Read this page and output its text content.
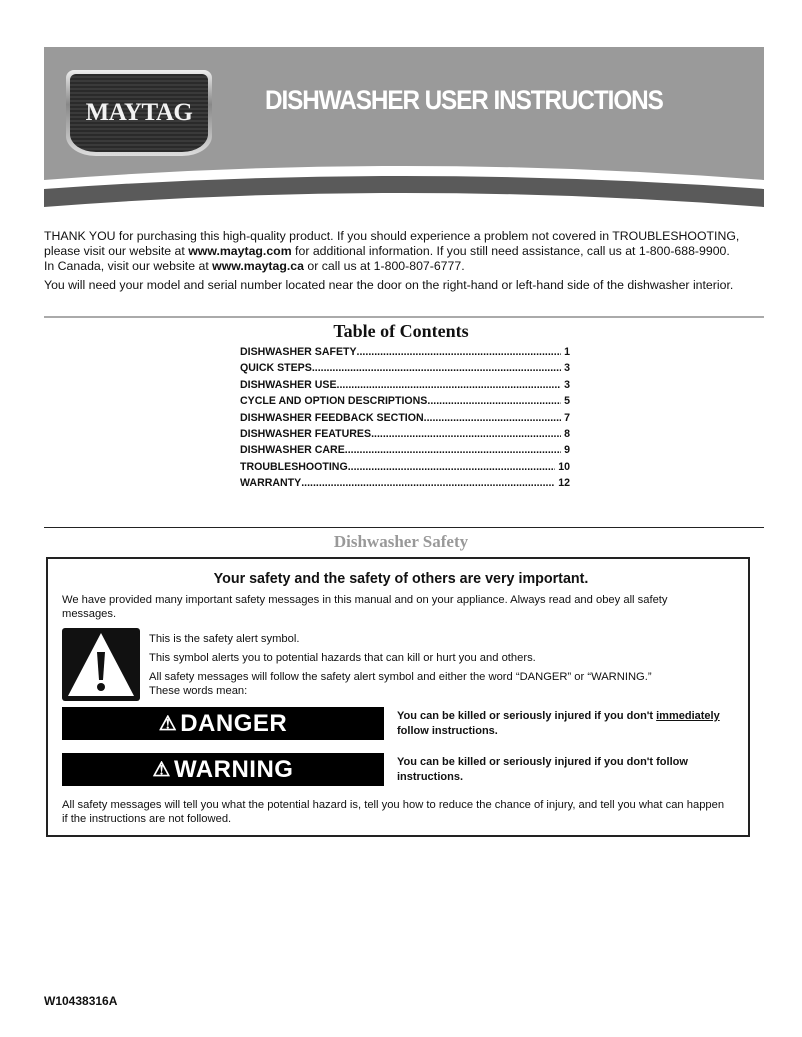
MAYTAG	DISHWASHER USER INSTRUCTIONS
THANK YOU for purchasing this high-quality product. If you should experience a problem not covered in TROUBLESHOOTING,
please visit our website at www.maytag.com for additional information. If you still need assistance, call us at 1-800-688-9900.
In Canada, visit our website at www.maytag.ca or call us at 1-800-807-6777.
You will need your model and serial number located near the door on the right-hand or left-hand side of the dishwasher interior.
Table of Contents
DISHWASHER SAFETY .....	1
QUICK STEPS .....	3
DISHWASHER USE .....	3
CYCLE AND OPTION DESCRIPTIONS .....	5
DISHWASHER FEEDBACK SECTION .....	7
DISHWASHER FEATURES .....	8
DISHWASHER CARE .....	9
TROUBLESHOOTING .....	10
WARRANTY .....	12
Dishwasher Safety
Your safety and the safety of others are very important.
We have provided many important safety messages in this manual and on your appliance. Always read and obey all safety messages.
This is the safety alert symbol.
This symbol alerts you to potential hazards that can kill or hurt you and others.
All safety messages will follow the safety alert symbol and either the word “DANGER” or “WARNING.”
These words mean:
⚠ DANGER	You can be killed or seriously injured if you don't immediately
follow instructions.
⚠ WARNING	You can be killed or seriously injured if you don't follow
instructions.
All safety messages will tell you what the potential hazard is, tell you how to reduce the chance of injury, and tell you what can happen if the instructions are not followed.
W10438316A
